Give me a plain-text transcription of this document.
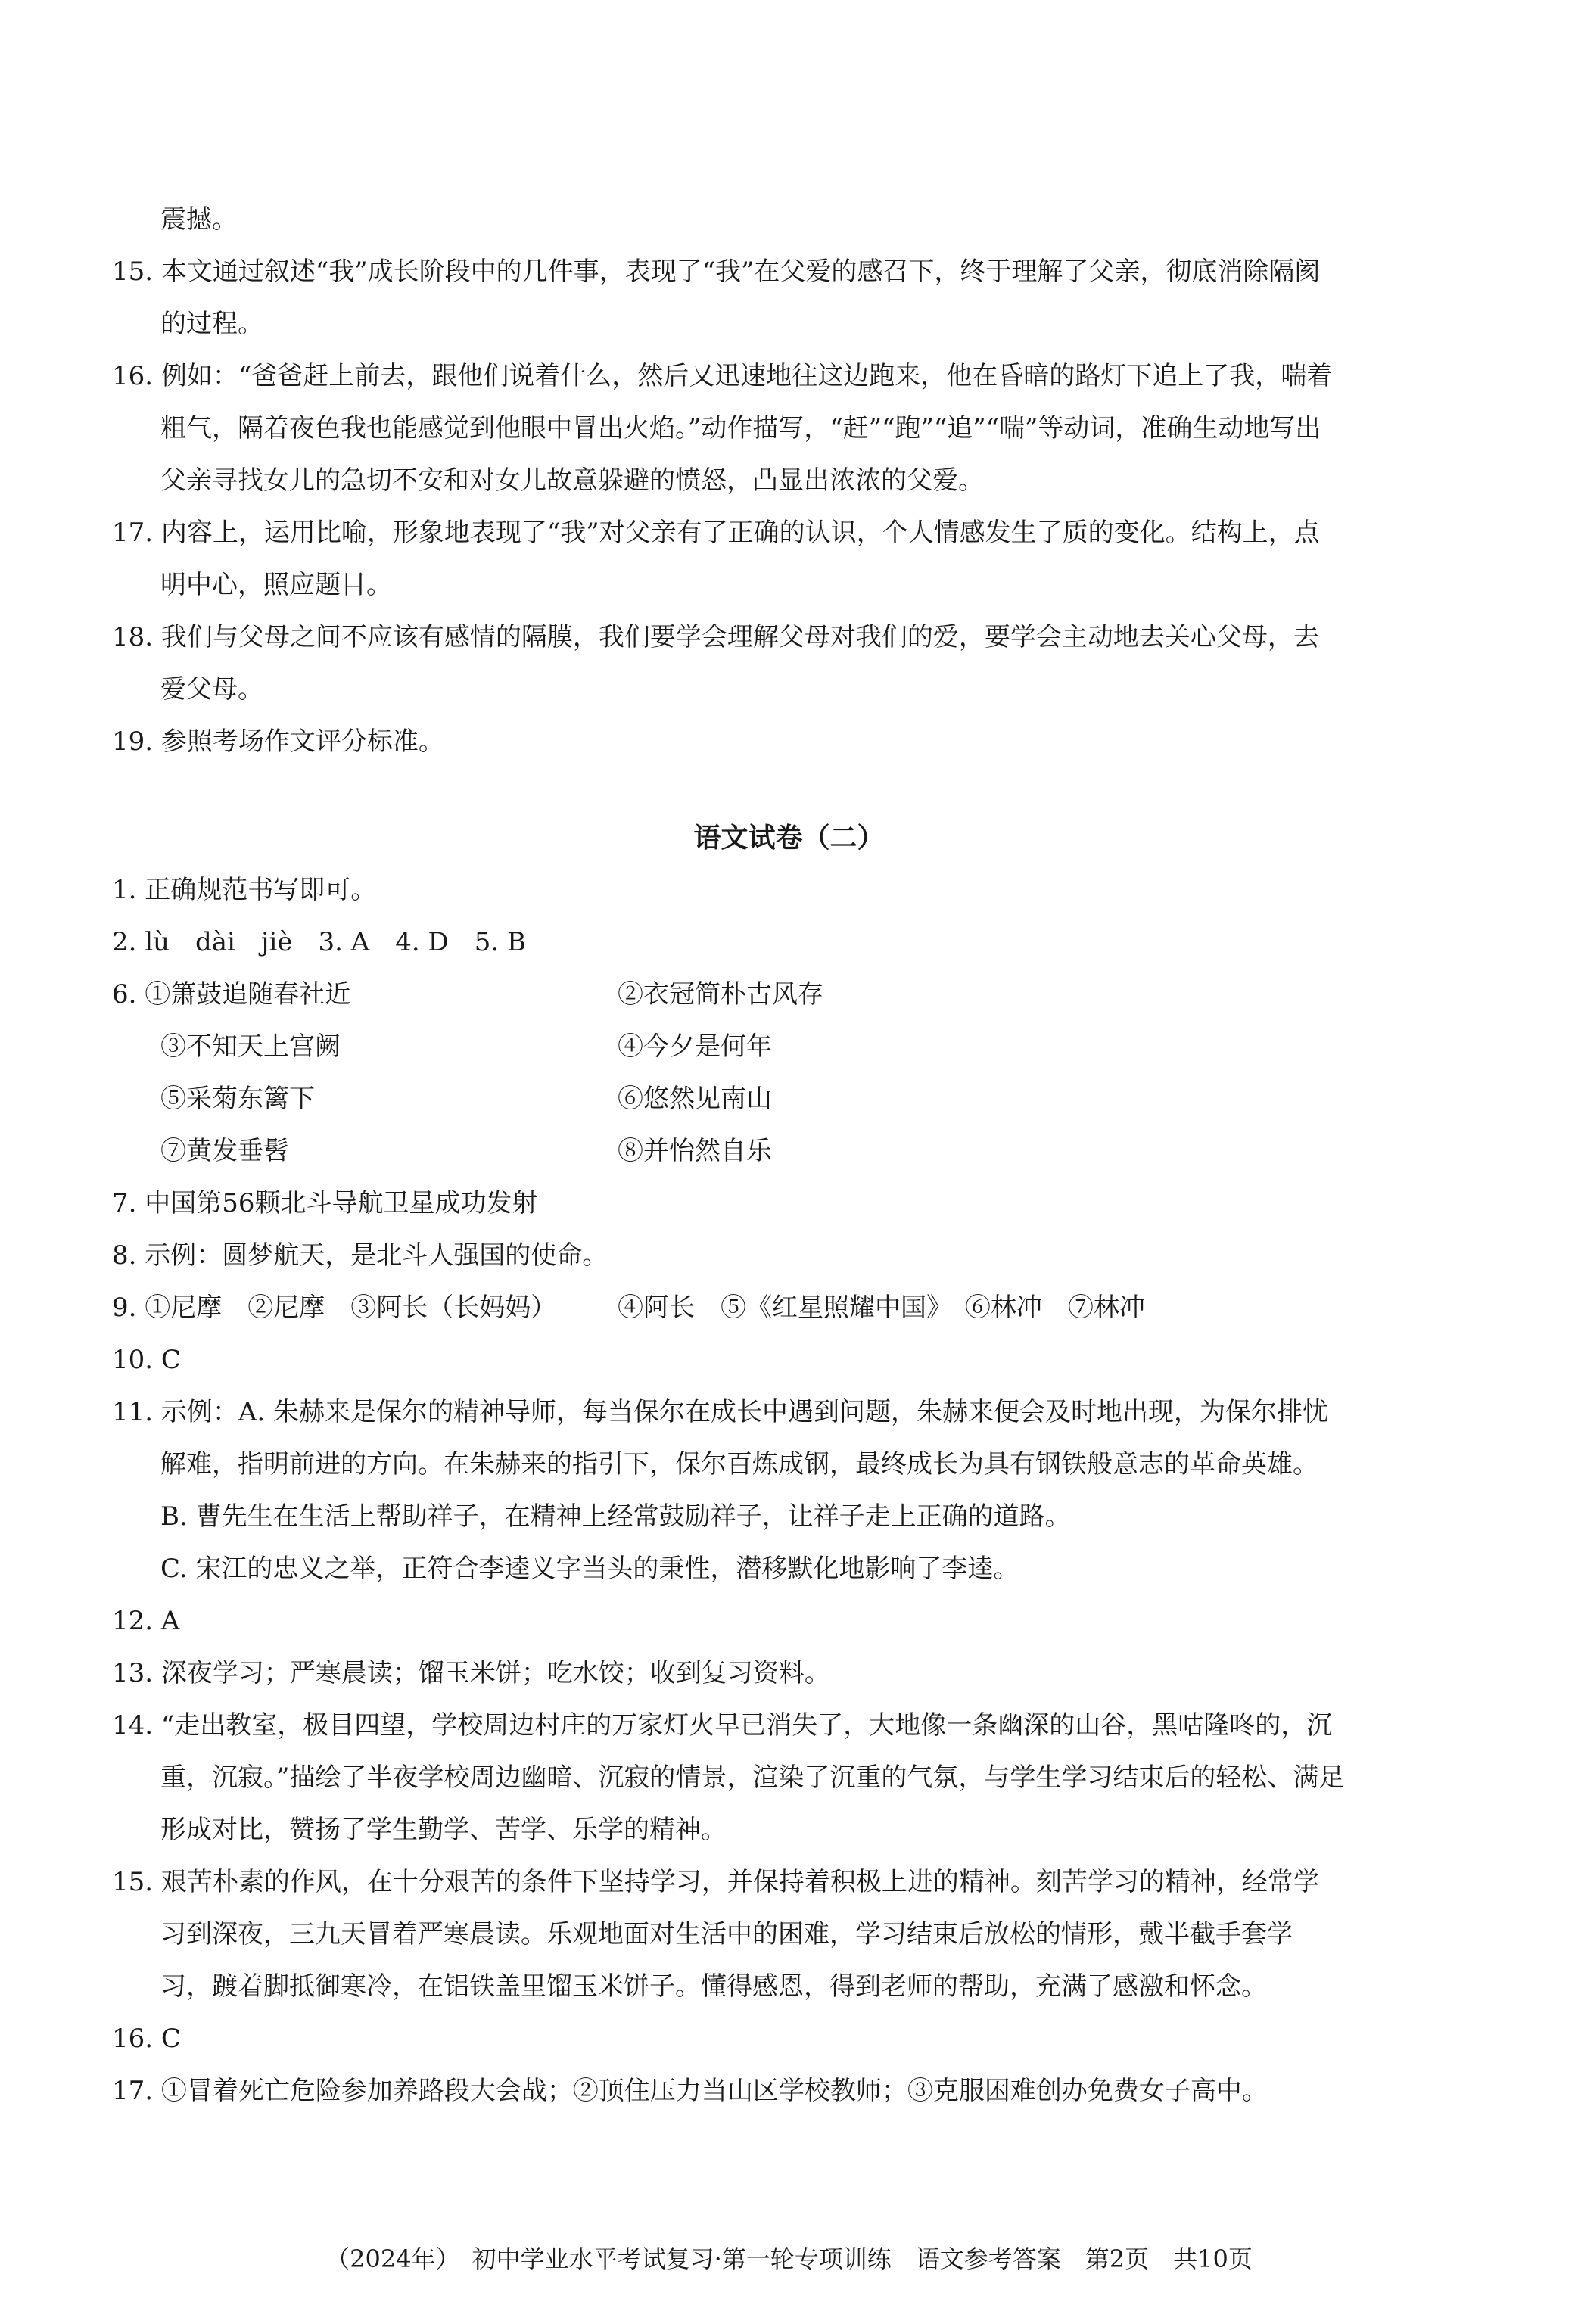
震撼。
15. 本文通过叙述“我”成长阶段中的几件事，表现了“我”在父爱的感召下，终于理解了父亲，彻底消除隔阂
的过程。
16. 例如：“爸爸赶上前去，跟他们说着什么，然后又迅速地往这边跑来，他在昏暗的路灯下追上了我，喘着
粗气，隔着夜色我也能感觉到他眼中冒出火焰。”动作描写，“赶”“跑”“追”“喘”等动词，准确生动地写出
父亲寻找女儿的急切不安和对女儿故意躲避的愤怒，凸显出浓浓的父爱。
17. 内容上，运用比喻，形象地表现了“我”对父亲有了正确的认识，个人情感发生了质的变化。结构上，点
明中心，照应题目。
18. 我们与父母之间不应该有感情的隔膜，我们要学会理解父母对我们的爱，要学会主动地去关心父母，去
爱父母。
19. 参照考场作文评分标准。
语文试卷（二）
1. 正确规范书写即可。
2. lù　dài　jiè　3. A　4. D　5. B
6. ①箫鼓追随春社近	②衣冠简朴古风存
③不知天上宫阙	④今夕是何年
⑤采菊东篱下	⑥悠然见南山
⑦黄发垂髫	⑧并怡然自乐
7. 中国第56颗北斗导航卫星成功发射
8. 示例：圆梦航天，是北斗人强国的使命。
9. ①尼摩　②尼摩　③阿长（长妈妈） ④阿长　⑤《红星照耀中国》　⑥林冲　⑦林冲
10. C
11. 示例：A. 朱赫来是保尔的精神导师，每当保尔在成长中遇到问题，朱赫来便会及时地出现，为保尔排忧
解难，指明前进的方向。在朱赫来的指引下，保尔百炼成钢，最终成长为具有钢铁般意志的革命英雄。
B. 曹先生在生活上帮助祥子，在精神上经常鼓励祥子，让祥子走上正确的道路。
C. 宋江的忠义之举，正符合李逵义字当头的秉性，潜移默化地影响了李逵。
12. A
13. 深夜学习；严寒晨读；馏玉米饼；吃水饺；收到复习资料。
14. “走出教室，极目四望，学校周边村庄的万家灯火早已消失了，大地像一条幽深的山谷，黑咕隆咚的，沉
重，沉寂。”描绘了半夜学校周边幽暗、沉寂的情景，渲染了沉重的气氛，与学生学习结束后的轻松、满足
形成对比，赞扬了学生勤学、苦学、乐学的精神。
15. 艰苦朴素的作风，在十分艰苦的条件下坚持学习，并保持着积极上进的精神。刻苦学习的精神，经常学
习到深夜，三九天冒着严寒晨读。乐观地面对生活中的困难，学习结束后放松的情形，戴半截手套学
习，踱着脚抵御寒冷，在铝铁盖里馏玉米饼子。懂得感恩，得到老师的帮助，充满了感激和怀念。
16. C
17. ①冒着死亡危险参加养路段大会战；②顶住压力当山区学校教师；③克服困难创办免费女子高中。
（2024年）　初中学业水平考试复习·第一轮专项训练　语文参考答案　第2页　共10页
